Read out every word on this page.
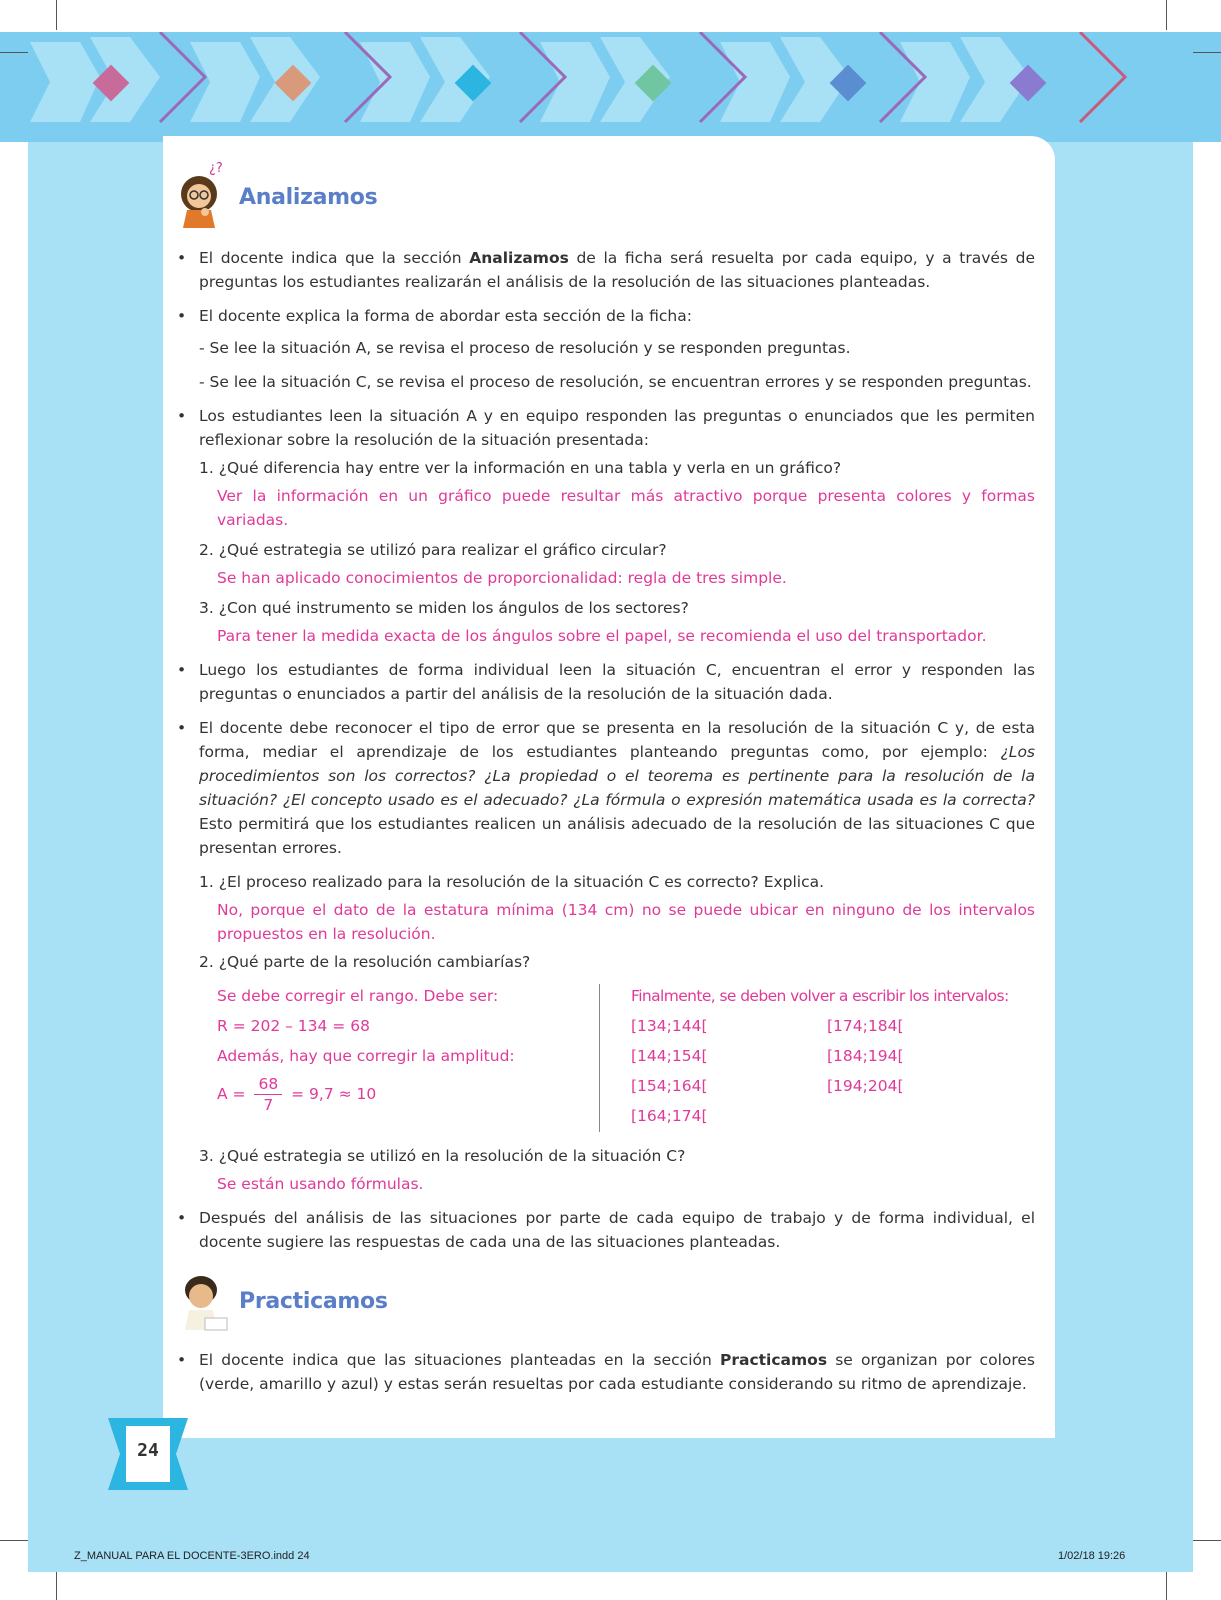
¿?
Analizamos
• El docente indica que la sección Analizamos de la ficha será resuelta por cada equipo, y a través de preguntas los estudiantes realizarán el análisis de la resolución de las situaciones planteadas.
• El docente explica la forma de abordar esta sección de la ficha:
- Se lee la situación A, se revisa el proceso de resolución y se responden preguntas.
- Se lee la situación C, se revisa el proceso de resolución, se encuentran errores y se responden preguntas.
• Los estudiantes leen la situación A y en equipo responden las preguntas o enunciados que les permiten reflexionar sobre la resolución de la situación presentada:
1. ¿Qué diferencia hay entre ver la información en una tabla y verla en un gráfico?
Ver la información en un gráfico puede resultar más atractivo porque presenta colores y formas variadas.
2. ¿Qué estrategia se utilizó para realizar el gráfico circular?
Se han aplicado conocimientos de proporcionalidad: regla de tres simple.
3. ¿Con qué instrumento se miden los ángulos de los sectores?
Para tener la medida exacta de los ángulos sobre el papel, se recomienda el uso del transportador.
• Luego los estudiantes de forma individual leen la situación C, encuentran el error y responden las preguntas o enunciados a partir del análisis de la resolución de la situación dada.
• El docente debe reconocer el tipo de error que se presenta en la resolución de la situación C y, de esta forma, mediar el aprendizaje de los estudiantes planteando preguntas como, por ejemplo: ¿Los procedimientos son los correctos? ¿La propiedad o el teorema es pertinente para la resolución de la situación? ¿El concepto usado es el adecuado? ¿La fórmula o expresión matemática usada es la correcta? Esto permitirá que los estudiantes realicen un análisis adecuado de la resolución de las situaciones C que presentan errores.
1. ¿El proceso realizado para la resolución de la situación C es correcto? Explica.
No, porque el dato de la estatura mínima (134 cm) no se puede ubicar en ninguno de los intervalos propuestos en la resolución.
2. ¿Qué parte de la resolución cambiarías?
Se debe corregir el rango. Debe ser:
R = 202 – 134 = 68
Además, hay que corregir la amplitud:
$A = \frac{68}{7} = 9,7 \approx 10$
Finalmente, se deben volver a escribir los intervalos:
[134;144[	[174;184[
[144;154[	[184;194[
[154;164[	[194;204[
[164;174[
3. ¿Qué estrategia se utilizó en la resolución de la situación C?
Se están usando fórmulas.
• Después del análisis de las situaciones por parte de cada equipo de trabajo y de forma individual, el docente sugiere las respuestas de cada una de las situaciones planteadas.
Practicamos
• El docente indica que las situaciones planteadas en la sección Practicamos se organizan por colores (verde, amarillo y azul) y estas serán resueltas por cada estudiante considerando su ritmo de aprendizaje.
24
Z_MANUAL PARA EL DOCENTE-3ERO.indd 24	1/02/18 19:26
